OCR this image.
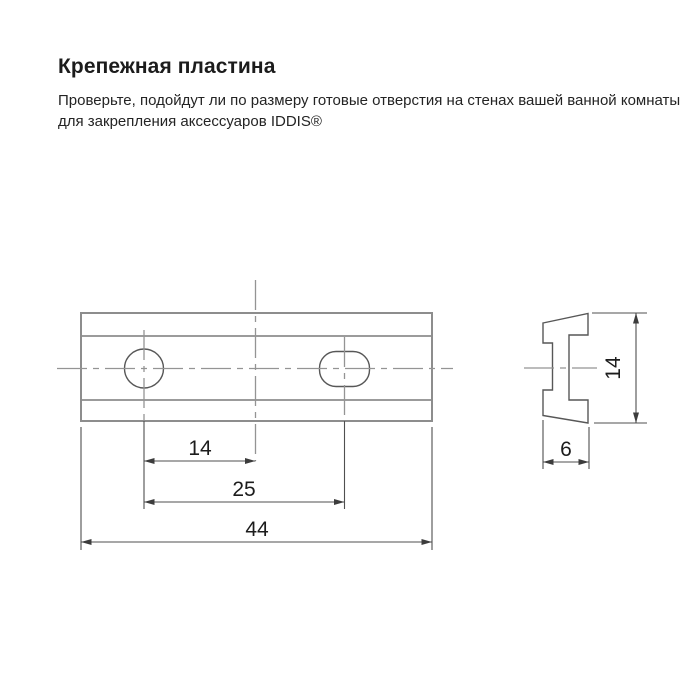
Крепежная пластина
Проверьте, подойдут ли по размеру готовые отверстия на стенах вашей ванной комнаты
для закрепления аксессуаров IDDIS®
14
25
44
14
6
